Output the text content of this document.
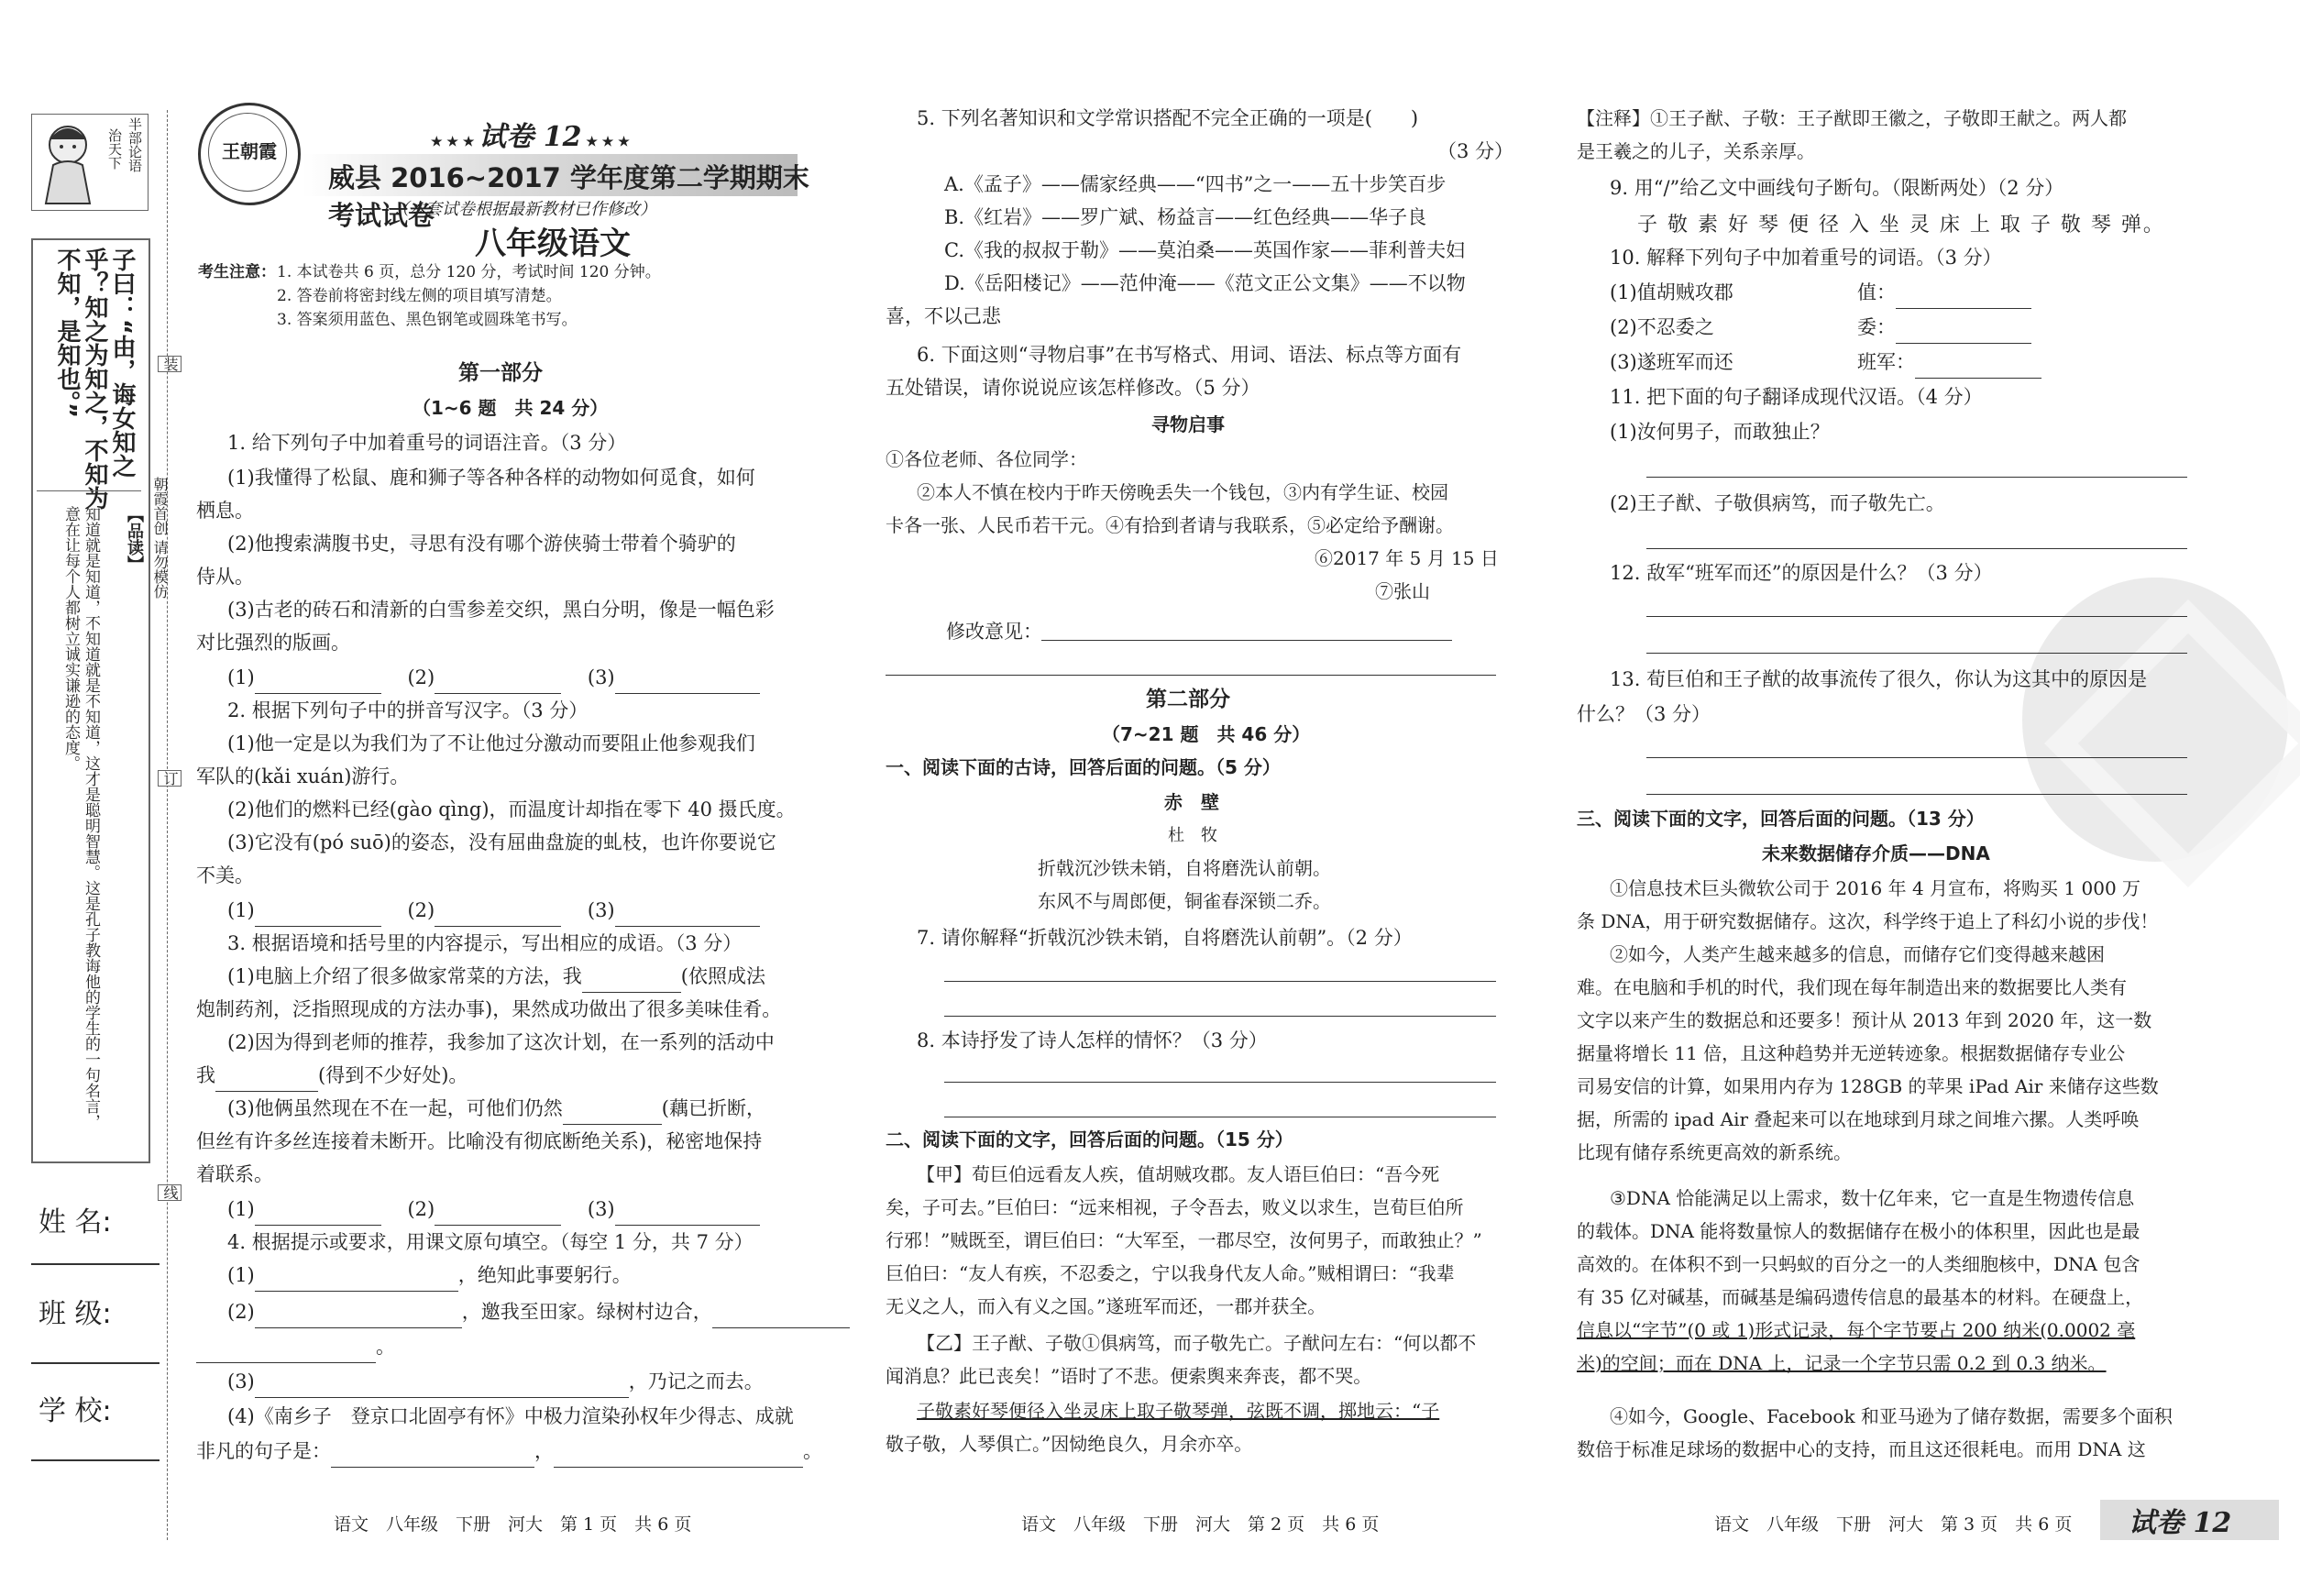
半部论语
治天下
子曰：“由，诲女知之乎？知之为知之，不知为不知，是知也。”
【品读】
知道就是知道，不知道就是不知道，这才是聪明智慧。这是孔子教诲他的学生的一句名言，意在让每个人都树立诚实谦逊的态度。	朝霞首创 请勿模仿
装
订
线
姓 名:
班 级:
学 校:
王朝霞	★ ★ ★ 试卷 12 ★ ★ ★
威县 2016~2017 学年度第二学期期末考试试卷
（本套试卷根据最新教材已作修改）
八年级语文
考生注意： 1. 本试卷共 6 页，总分 120 分，考试时间 120 分钟。
2. 答卷前将密封线左侧的项目填写清楚。
3. 答案须用蓝色、黑色钢笔或圆珠笔书写。
第一部分
（1~6 题　共 24 分）
1. 给下列句子中加着重号的词语注音。（3 分）
(1)我懂得了松鼠、鹿和狮子等各种各样的动物如何觅食，如何
栖息。
(2)他搜索满腹书史，寻思有没有哪个游侠骑士带着个骑驴的
侍从。
(3)古老的砖石和清新的白雪参差交织，黑白分明，像是一幅色彩
对比强烈的版画。
(1)	(2)	(3)
2. 根据下列句子中的拼音写汉字。（3 分）
(1)他一定是以为我们为了不让他过分激动而要阻止他参观我们
军队的(kǎi xuán)游行。
(2)他们的燃料已经(gào qìng)，而温度计却指在零下 40 摄氏度。
(3)它没有(pó suō)的姿态，没有屈曲盘旋的虬枝，也许你要说它
不美。
(1)	(2)	(3)
3. 根据语境和括号里的内容提示，写出相应的成语。（3 分）
(1)电脑上介绍了很多做家常菜的方法，我	(依照成法
炮制药剂，泛指照现成的方法办事)，果然成功做出了很多美味佳肴。
(2)因为得到老师的推荐，我参加了这次计划，在一系列的活动中
我	(得到不少好处)。
(3)他俩虽然现在不在一起，可他们仍然	(藕已折断，
但丝有许多丝连接着未断开。比喻没有彻底断绝关系)，秘密地保持
着联系。
(1)	(2)	(3)
4. 根据提示或要求，用课文原句填空。（每空 1 分，共 7 分）
(1)	，绝知此事要躬行。
(2)	，邀我至田家。绿树村边合，
。
(3)	，乃记之而去。
(4)《南乡子　登京口北固亭有怀》中极力渲染孙权年少得志、成就
非凡的句子是：	，	。
语文　八年级　下册　河大　第 1 页　共 6 页
5. 下列名著知识和文学常识搭配不完全正确的一项是(　　)
（3 分）
A.《孟子》——儒家经典——“四书”之一——五十步笑百步
B.《红岩》——罗广斌、杨益言——红色经典——华子良
C.《我的叔叔于勒》——莫泊桑——英国作家——菲利普夫妇
D.《岳阳楼记》——范仲淹——《范文正公文集》——不以物
喜，不以己悲
6. 下面这则“寻物启事”在书写格式、用词、语法、标点等方面有
五处错误，请你说说应该怎样修改。（5 分）
寻物启事
①各位老师、各位同学：
②本人不慎在校内于昨天傍晚丢失一个钱包，③内有学生证、校园
卡各一张、人民币若干元。④有拾到者请与我联系，⑤必定给予酬谢。
⑥2017 年 5 月 15 日
⑦张山
修改意见：
第二部分
（7~21 题　共 46 分）
一、阅读下面的古诗，回答后面的问题。（5 分）
赤　壁
杜　牧
折戟沉沙铁未销，自将磨洗认前朝。
东风不与周郎便，铜雀春深锁二乔。
7. 请你解释“折戟沉沙铁未销，自将磨洗认前朝”。（2 分）
8. 本诗抒发了诗人怎样的情怀？（3 分）
二、阅读下面的文字，回答后面的问题。（15 分）
【甲】荀巨伯远看友人疾，值胡贼攻郡。友人语巨伯曰：“吾今死
矣，子可去。”巨伯曰：“远来相视，子令吾去，败义以求生，岂荀巨伯所
行邪！”贼既至，谓巨伯曰：“大军至，一郡尽空，汝何男子，而敢独止？”
巨伯曰：“友人有疾，不忍委之，宁以我身代友人命。”贼相谓曰：“我辈
无义之人，而入有义之国。”遂班军而还，一郡并获全。
【乙】王子猷、子敬①俱病笃，而子敬先亡。子猷问左右：“何以都不
闻消息？此已丧矣！”语时了不悲。便索舆来奔丧，都不哭。
子敬素好琴便径入坐灵床上取子敬琴弹，弦既不调，掷地云：“子
敬子敬，人琴俱亡。”因恸绝良久，月余亦卒。
语文　八年级　下册　河大　第 2 页　共 6 页
【注释】①王子猷、子敬：王子猷即王徽之，子敬即王献之。两人都
是王羲之的儿子，关系亲厚。
9. 用“/”给乙文中画线句子断句。（限断两处）（2 分）
子 敬 素 好 琴 便 径 入 坐 灵 床 上 取 子 敬 琴 弹。
10. 解释下列句子中加着重号的词语。（3 分）
(1)值胡贼攻郡	值：
(2)不忍委之	委：
(3)遂班军而还	班军：
11. 把下面的句子翻译成现代汉语。（4 分）
(1)汝何男子，而敢独止？
(2)王子猷、子敬俱病笃，而子敬先亡。
12. 敌军“班军而还”的原因是什么？（3 分）
13. 荀巨伯和王子猷的故事流传了很久，你认为这其中的原因是
什么？（3 分）
三、阅读下面的文字，回答后面的问题。（13 分）
未来数据储存介质——DNA
①信息技术巨头微软公司于 2016 年 4 月宣布，将购买 1 000 万
条 DNA，用于研究数据储存。这次，科学终于追上了科幻小说的步伐！
②如今，人类产生越来越多的信息，而储存它们变得越来越困
难。在电脑和手机的时代，我们现在每年制造出来的数据要比人类有
文字以来产生的数据总和还要多！预计从 2013 年到 2020 年，这一数
据量将增长 11 倍，且这种趋势并无逆转迹象。根据数据储存专业公
司易安信的计算，如果用内存为 128GB 的苹果 iPad Air 来储存这些数
据，所需的 ipad Air 叠起来可以在地球到月球之间堆六摞。人类呼唤
比现有储存系统更高效的新系统。
③DNA 恰能满足以上需求，数十亿年来，它一直是生物遗传信息
的载体。DNA 能将数量惊人的数据储存在极小的体积里，因此也是最
高效的。在体积不到一只蚂蚁的百分之一的人类细胞核中，DNA 包含
有 35 亿对碱基，而碱基是编码遗传信息的最基本的材料。在硬盘上，
信息以“字节”(0 或 1)形式记录，每个字节要占 200 纳米(0.0002 毫
米)的空间；而在 DNA 上，记录一个字节只需 0.2 到 0.3 纳米。
④如今，Google、Facebook 和亚马逊为了储存数据，需要多个面积
数倍于标准足球场的数据中心的支持，而且这还很耗电。而用 DNA 这
语文　八年级　下册　河大　第 3 页　共 6 页 试卷 12
